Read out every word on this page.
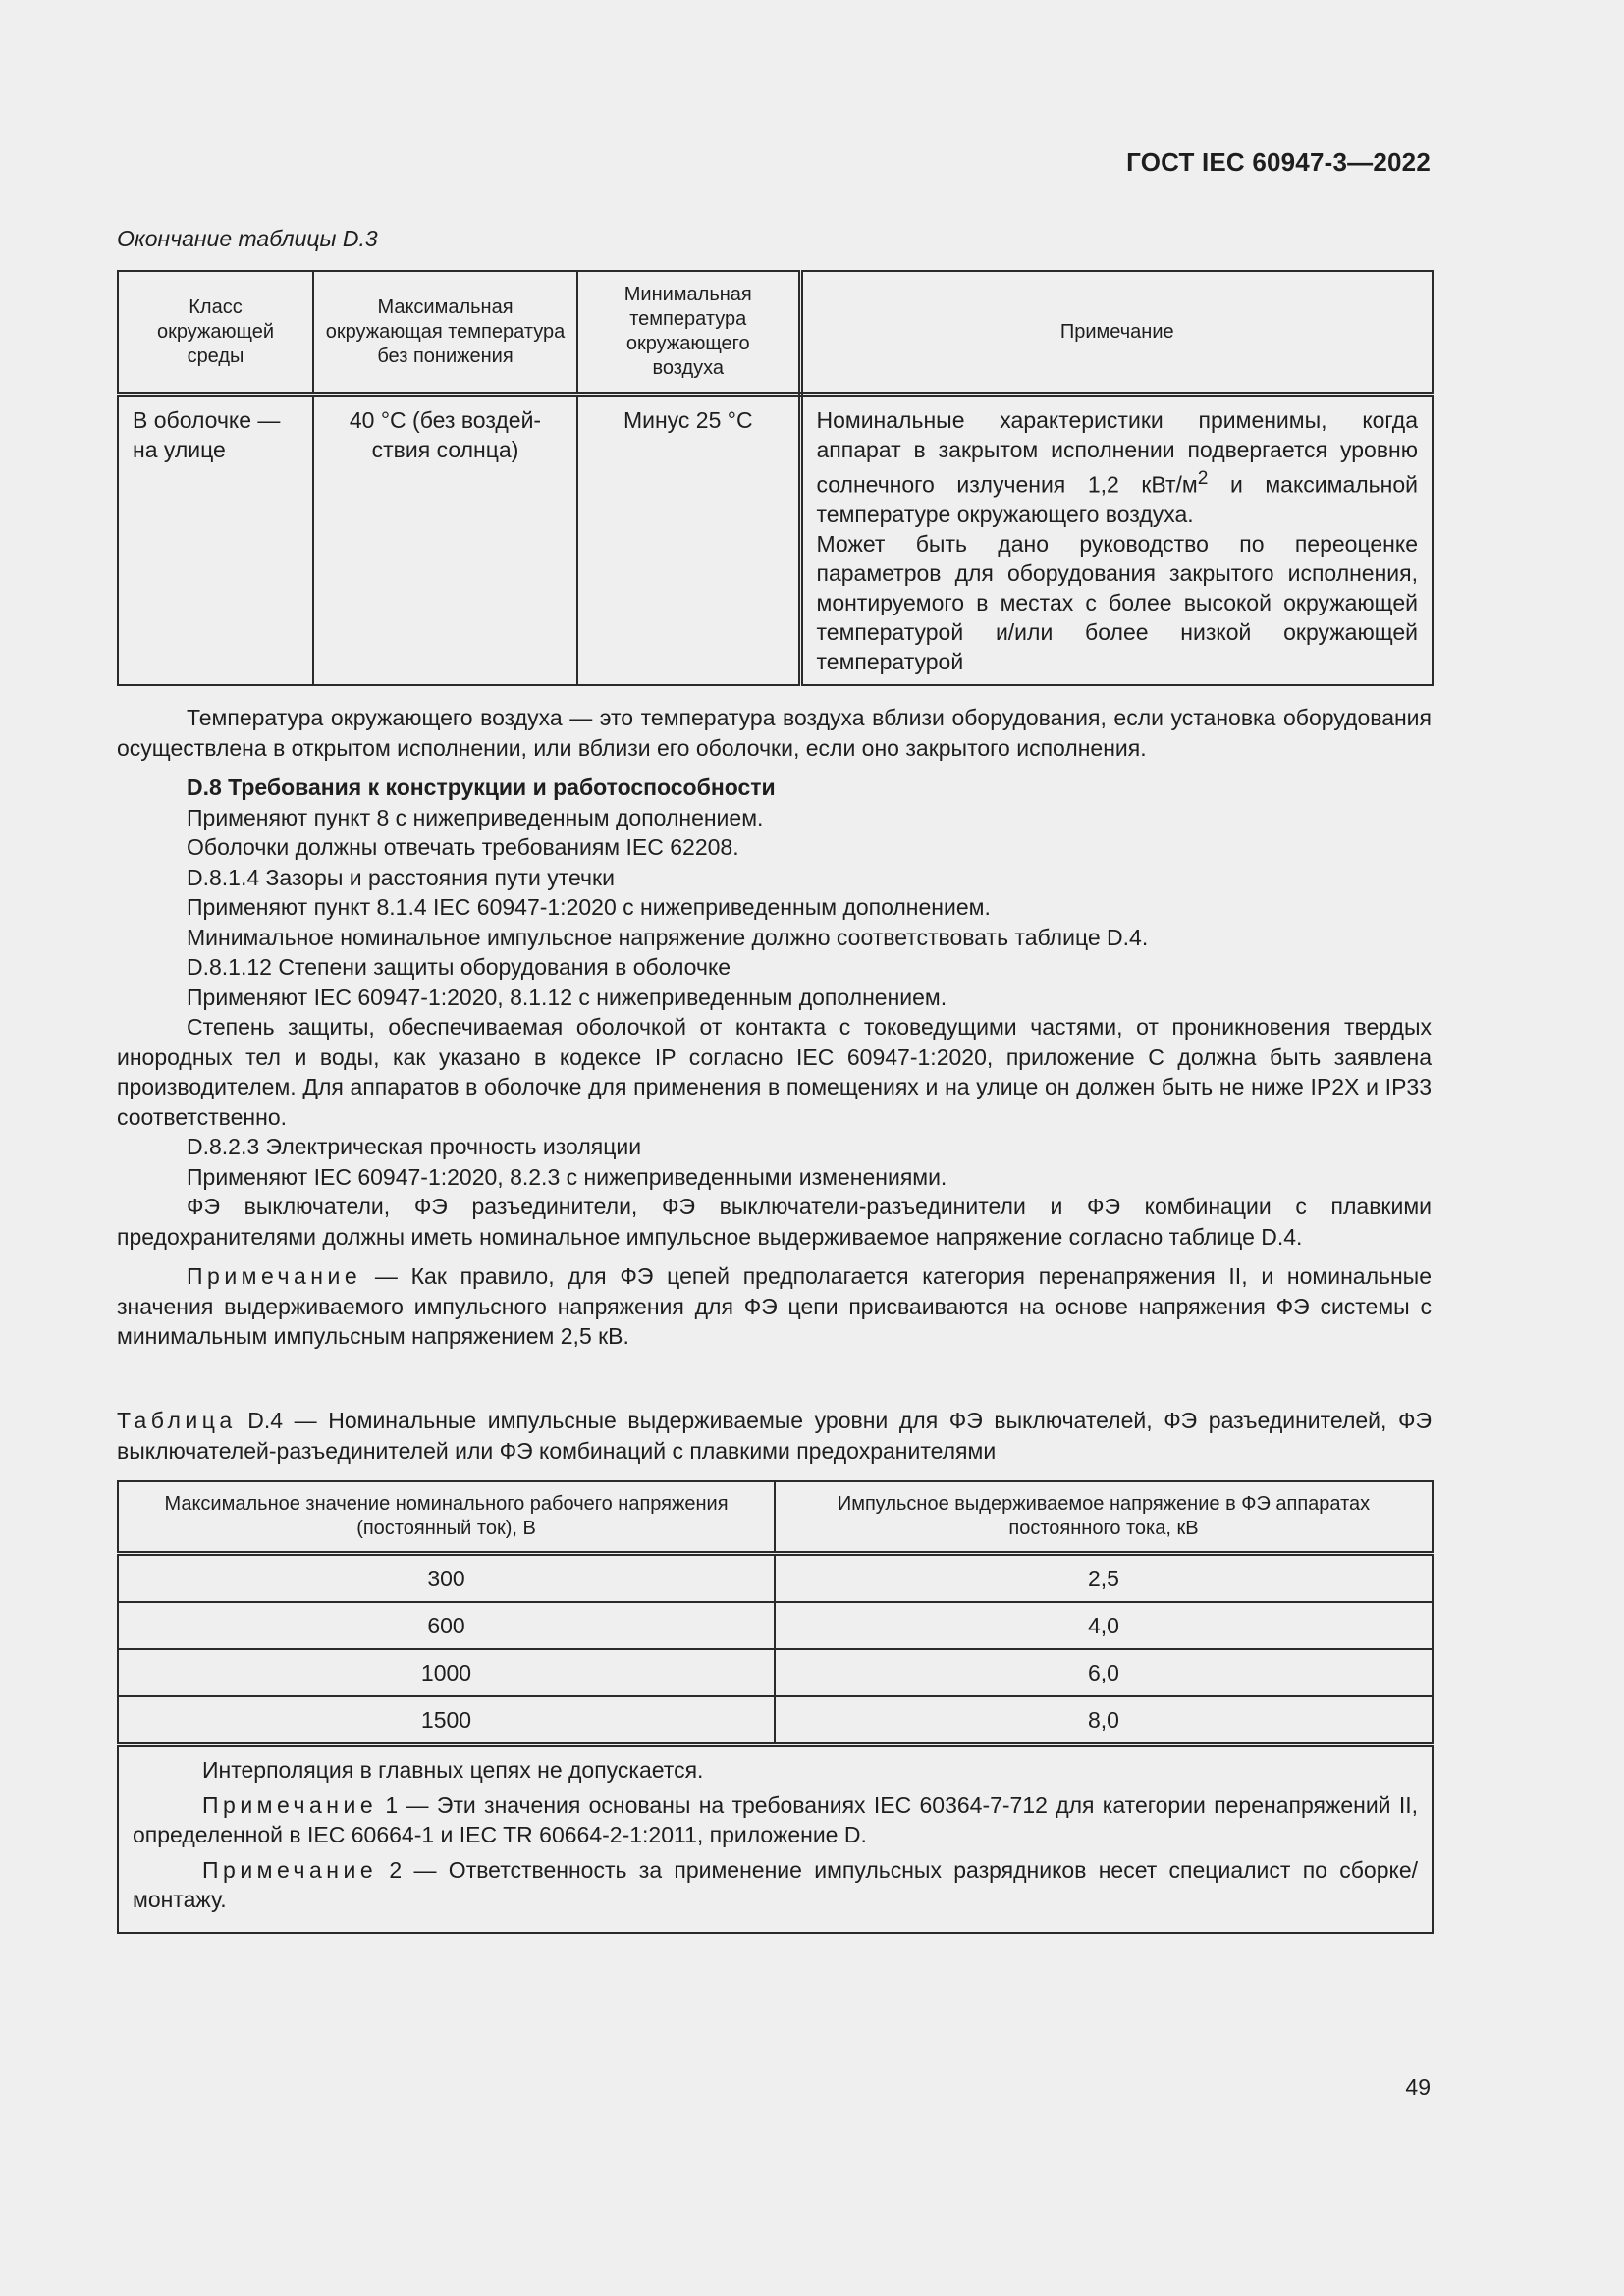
ГОСТ IEC 60947-3—2022
Окончание таблицы D.3
Класс окружающей среды	Максимальная окружающая температура без понижения	Минимальная температура окружающего воздуха	Примечание
В оболочке — на улице	40 °С (без воздей-ствия солнца)	Минус 25 °С	Номинальные характеристики применимы, когда аппарат в закрытом исполнении подвергается уровню солнечного излучения 1,2 кВт/$м^2$ и максимальной температуре окружающего воздуха.

Может быть дано руководство по переоценке параметров для оборудования закрытого исполнения, монтируемого в местах с более высокой окружающей температурой и/или более низкой окружающей температурой

Температура окружающего воздуха — это температура воздуха вблизи оборудования, если установка оборудования осуществлена в открытом исполнении, или вблизи его оболочки, если оно закрытого исполнения.

D.8 Требования к конструкции и работоспособности

Применяют пункт 8 с нижеприведенным дополнением.

Оболочки должны отвечать требованиям IEC 62208.

D.8.1.4 Зазоры и расстояния пути утечки

Применяют пункт 8.1.4 IEC 60947-1:2020 с нижеприведенным дополнением.

Минимальное номинальное импульсное напряжение должно соответствовать таблице D.4.

D.8.1.12 Степени защиты оборудования в оболочке

Применяют IEC 60947-1:2020, 8.1.12 с нижеприведенным дополнением.

Степень защиты, обеспечиваемая оболочкой от контакта с токоведущими частями, от проникновения твердых инородных тел и воды, как указано в кодексе IP согласно IEC 60947-1:2020, приложение С должна быть заявлена производителем. Для аппаратов в оболочке для применения в помещениях и на улице он должен быть не ниже IP2X и IP33 соответственно.

D.8.2.3 Электрическая прочность изоляции

Применяют IEC 60947-1:2020, 8.2.3 с нижеприведенными изменениями.

ФЭ выключатели, ФЭ разъединители, ФЭ выключатели-разъединители и ФЭ комбинации с плавкими предохранителями должны иметь номинальное импульсное выдерживаемое напряжение согласно таблице D.4.

Примечание — Как правило, для ФЭ цепей предполагается категория перенапряжения II, и номинальные значения выдерживаемого импульсного напряжения для ФЭ цепи присваиваются на основе напряжения ФЭ системы с минимальным импульсным напряжением 2,5 кВ.

Таблица D.4 — Номинальные импульсные выдерживаемые уровни для ФЭ выключателей, ФЭ разъединителей, ФЭ выключателей-разъединителей или ФЭ комбинаций с плавкими предохранителями
Максимальное значение номинального рабочего напряжения (постоянный ток), В	Импульсное выдерживаемое напряжение в ФЭ аппаратах постоянного тока, кВ
300	2,5
600	4,0
1000	6,0
1500	8,0

Интерполяция в главных цепях не допускается.

Примечание 1 — Эти значения основаны на требованиях IEC 60364-7-712 для категории перенапряжений II, определенной в IEC 60664-1 и IEC TR 60664-2-1:2011, приложение D.

Примечание 2 — Ответственность за применение импульсных разрядников несет специалист по сборке/монтажу.	

49
